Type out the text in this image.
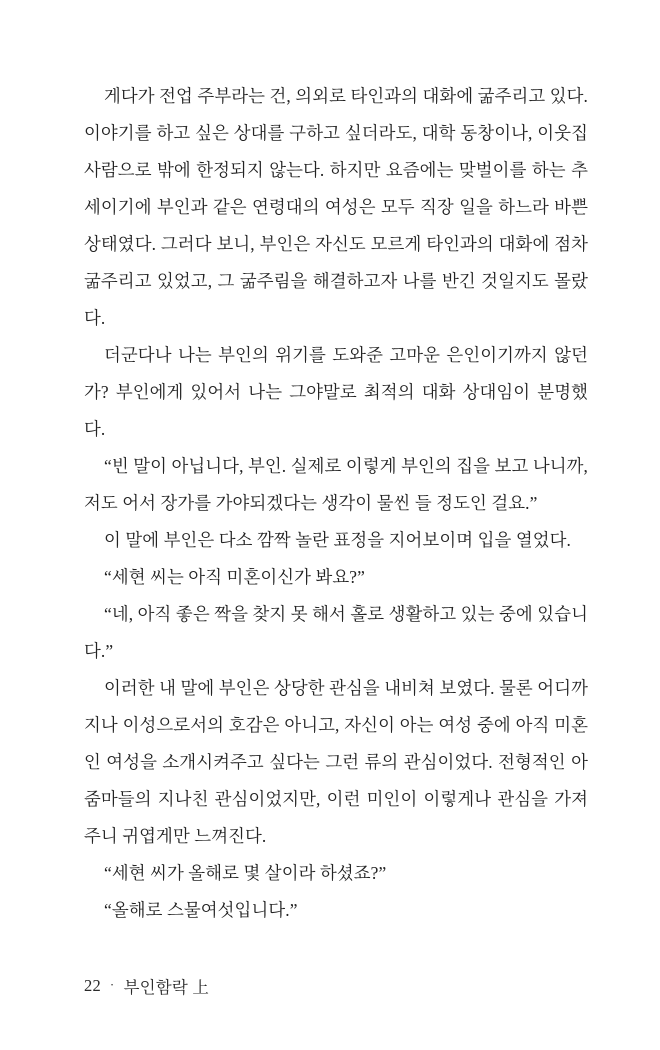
게다가 전업 주부라는 건, 의외로 타인과의 대화에 굶주리고 있다. 이야기를 하고 싶은 상대를 구하고 싶더라도, 대학 동창이나, 이웃집 사람으로 밖에 한정되지 않는다. 하지만 요즘에는 맞벌이를 하는 추세이기에 부인과 같은 연령대의 여성은 모두 직장 일을 하느라 바쁜 상태였다. 그러다 보니, 부인은 자신도 모르게 타인과의 대화에 점차 굶주리고 있었고, 그 굶주림을 해결하고자 나를 반긴 것일지도 몰랐다.

더군다나 나는 부인의 위기를 도와준 고마운 은인이기까지 않던가? 부인에게 있어서 나는 그야말로 최적의 대화 상대임이 분명했다.

“빈 말이 아닙니다, 부인. 실제로 이렇게 부인의 집을 보고 나니까, 저도 어서 장가를 가야되겠다는 생각이 물씬 들 정도인 걸요.”

이 말에 부인은 다소 깜짝 놀란 표정을 지어보이며 입을 열었다.

“세현 씨는 아직 미혼이신가 봐요?”

“네, 아직 좋은 짝을 찾지 못 해서 홀로 생활하고 있는 중에 있습니다.”

이러한 내 말에 부인은 상당한 관심을 내비쳐 보였다. 물론 어디까지나 이성으로서의 호감은 아니고, 자신이 아는 여성 중에 아직 미혼인 여성을 소개시켜주고 싶다는 그런 류의 관심이었다. 전형적인 아줌마들의 지나친 관심이었지만, 이런 미인이 이렇게나 관심을 가져주니 귀엽게만 느껴진다.

“세현 씨가 올해로 몇 살이라 하셨죠?”

“올해로 스물여섯입니다.”

22 · 부인함락 上
